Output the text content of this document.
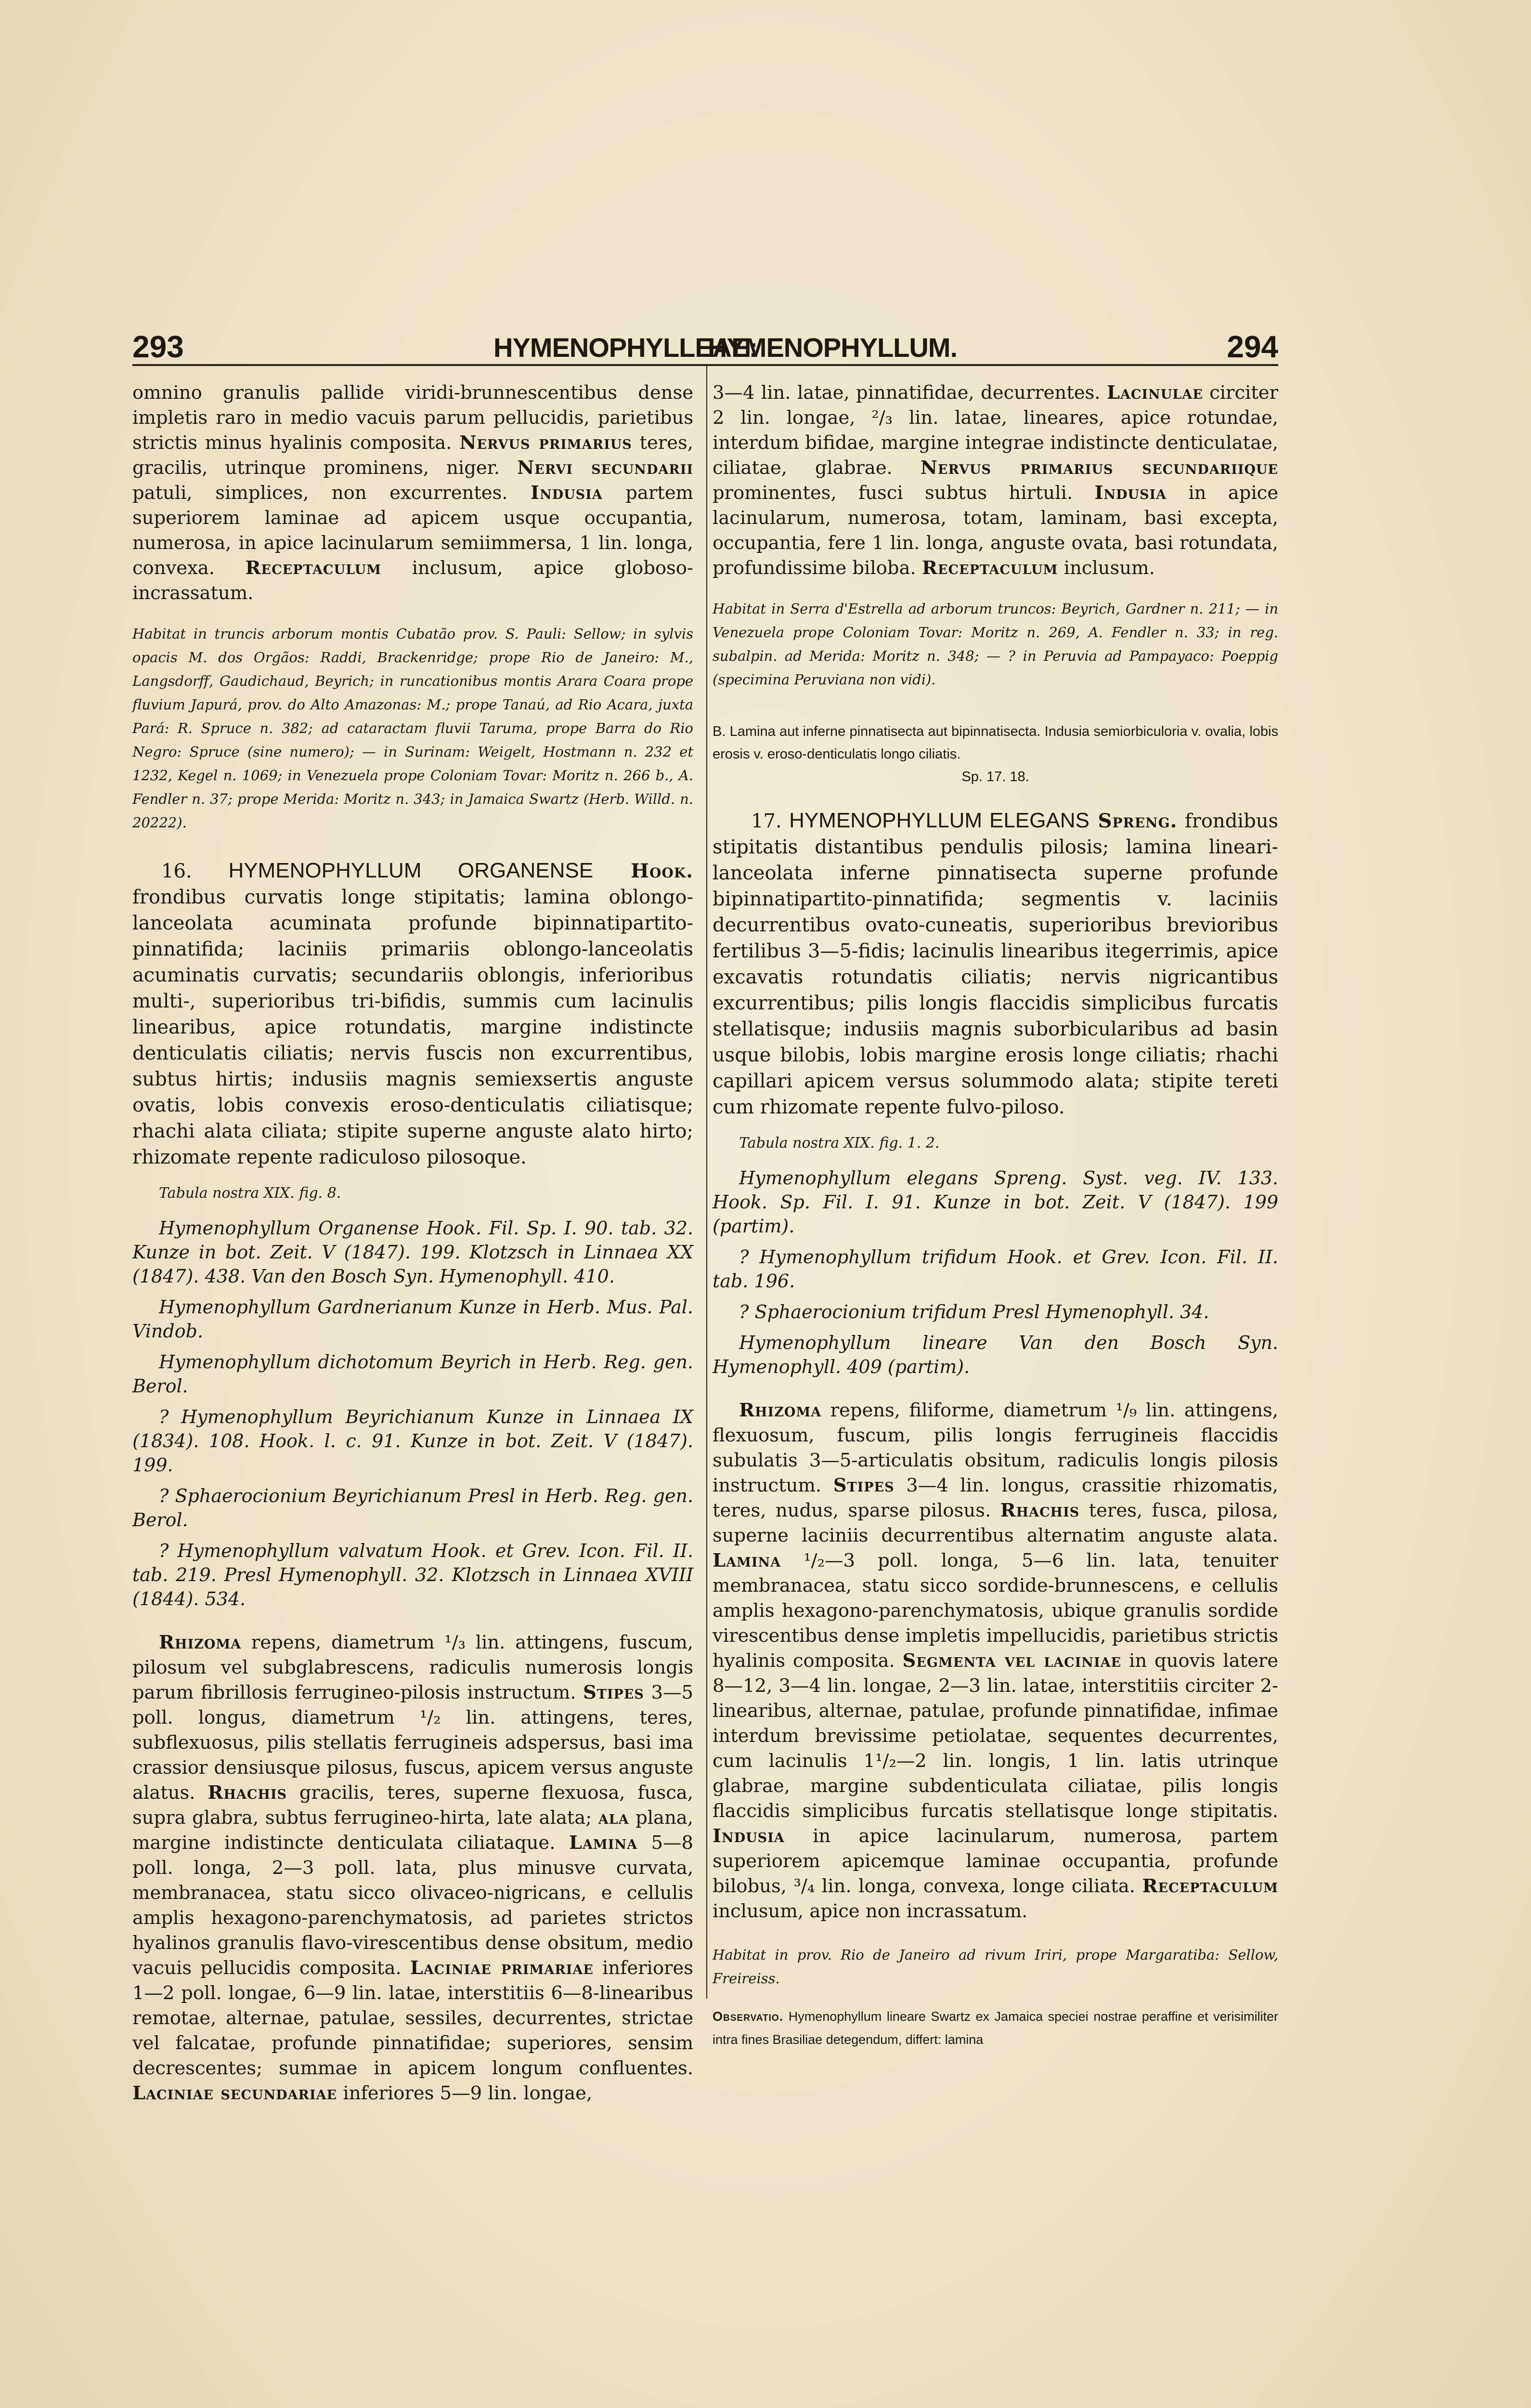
293	HYMENOPHYLLEAE:
HYMENOPHYLLUM.	294

omnino granulis pallide viridi-brunnescentibus dense impletis raro in medio vacuis parum pellucidis, parietibus strictis minus hyalinis composita. Nervus primarius teres, gracilis, utrinque prominens, niger. Nervi secundarii patuli, simplices, non excurrentes. Indusia partem superiorem laminae ad apicem usque occupantia, numerosa, in apice lacinularum semiimmersa, 1 lin. longa, convexa. Receptaculum inclusum, apice globoso-incrassatum.

Habitat in truncis arborum montis Cubatão prov. S. Pauli: Sellow; in sylvis opacis M. dos Orgãos: Raddi, Brackenridge; prope Rio de Janeiro: M., Langsdorff, Gaudichaud, Beyrich; in runcationibus montis Arara Coara prope fluvium Japurá, prov. do Alto Amazonas: M.; prope Tanaú, ad Rio Acara, juxta Pará: R. Spruce n. 382; ad cataractam fluvii Taruma, prope Barra do Rio Negro: Spruce (sine numero); — in Surinam: Weigelt, Hostmann n. 232 et 1232, Kegel n. 1069; in Venezuela prope Coloniam Tovar: Moritz n. 266 b., A. Fendler n. 37; prope Merida: Moritz n. 343; in Jamaica Swartz (Herb. Willd. n. 20222).

16. HYMENOPHYLLUM ORGANENSE Hook. frondibus curvatis longe stipitatis; lamina oblongo-lanceolata acuminata profunde bipinnatipartito-pinnatifida; laciniis primariis oblongo-lanceolatis acuminatis curvatis; secundariis oblongis, inferioribus multi-, superioribus tri-bifidis, summis cum lacinulis linearibus, apice rotundatis, margine indistincte denticulatis ciliatis; nervis fuscis non excurrentibus, subtus hirtis; indusiis magnis semiexsertis anguste ovatis, lobis convexis eroso-denticulatis ciliatisque; rhachi alata ciliata; stipite superne anguste alato hirto; rhizomate repente radiculoso pilosoque.

Tabula nostra XIX. fig. 8.

Hymenophyllum Organense Hook. Fil. Sp. I. 90. tab. 32. Kunze in bot. Zeit. V (1847). 199. Klotzsch in Linnaea XX (1847). 438. Van den Bosch Syn. Hymenophyll. 410.

Hymenophyllum Gardnerianum Kunze in Herb. Mus. Pal. Vindob.

Hymenophyllum dichotomum Beyrich in Herb. Reg. gen. Berol.

? Hymenophyllum Beyrichianum Kunze in Linnaea IX (1834). 108. Hook. l. c. 91. Kunze in bot. Zeit. V (1847). 199.

? Sphaerocionium Beyrichianum Presl in Herb. Reg. gen. Berol.

? Hymenophyllum valvatum Hook. et Grev. Icon. Fil. II. tab. 219. Presl Hymenophyll. 32. Klotzsch in Linnaea XVIII (1844). 534.

Rhizoma repens, diametrum ¹/₃ lin. attingens, fuscum, pilosum vel subglabrescens, radiculis numerosis longis parum fibrillosis ferrugineo-pilosis instructum. Stipes 3—5 poll. longus, diametrum ¹/₂ lin. attingens, teres, subflexuosus, pilis stellatis ferrugineis adspersus, basi ima crassior densiusque pilosus, fuscus, apicem versus anguste alatus. Rhachis gracilis, teres, superne flexuosa, fusca, supra glabra, subtus ferrugineo-hirta, late alata; ala plana, margine indistincte denticulata ciliataque. Lamina 5—8 poll. longa, 2—3 poll. lata, plus minusve curvata, membranacea, statu sicco olivaceo-nigricans, e cellulis amplis hexagono-parenchymatosis, ad parietes strictos hyalinos granulis flavo-virescentibus dense obsitum, medio vacuis pellucidis composita. Laciniae primariae inferiores 1—2 poll. longae, 6—9 lin. latae, interstitiis 6—8-linearibus remotae, alternae, patulae, sessiles, decurrentes, strictae vel falcatae, profunde pinnatifidae; superiores, sensim decrescentes; summae in apicem longum confluentes. Laciniae secundariae inferiores 5—9 lin. longae,

3—4 lin. latae, pinnatifidae, decurrentes. Lacinulae circiter 2 lin. longae, ²/₃ lin. latae, lineares, apice rotundae, interdum bifidae, margine integrae indistincte denticulatae, ciliatae, glabrae. Nervus primarius secundariique prominentes, fusci subtus hirtuli. Indusia in apice lacinularum, numerosa, totam, laminam, basi excepta, occupantia, fere 1 lin. longa, anguste ovata, basi rotundata, profundissime biloba. Receptaculum inclusum.

Habitat in Serra d'Estrella ad arborum truncos: Beyrich, Gardner n. 211; — in Venezuela prope Coloniam Tovar: Moritz n. 269, A. Fendler n. 33; in reg. subalpin. ad Merida: Moritz n. 348; — ? in Peruvia ad Pampayaco: Poeppig (specimina Peruviana non vidi).

B. Lamina aut inferne pinnatisecta aut bipinnatisecta. Indusia semiorbiculoria v. ovalia, lobis erosis v. eroso-denticulatis longo ciliatis.

Sp. 17. 18.

17. HYMENOPHYLLUM ELEGANS Spreng. frondibus stipitatis distantibus pendulis pilosis; lamina lineari-lanceolata inferne pinnatisecta superne profunde bipinnatipartito-pinnatifida; segmentis v. laciniis decurrentibus ovato-cuneatis, superioribus brevioribus fertilibus 3—5-fidis; lacinulis linearibus itegerrimis, apice excavatis rotundatis ciliatis; nervis nigricantibus excurrentibus; pilis longis flaccidis simplicibus furcatis stellatisque; indusiis magnis suborbicularibus ad basin usque bilobis, lobis margine erosis longe ciliatis; rhachi capillari apicem versus solummodo alata; stipite tereti cum rhizomate repente fulvo-piloso.

Tabula nostra XIX. fig. 1. 2.

Hymenophyllum elegans Spreng. Syst. veg. IV. 133. Hook. Sp. Fil. I. 91. Kunze in bot. Zeit. V (1847). 199 (partim).

? Hymenophyllum trifidum Hook. et Grev. Icon. Fil. II. tab. 196.

? Sphaerocionium trifidum Presl Hymenophyll. 34.

Hymenophyllum lineare Van den Bosch Syn. Hymenophyll. 409 (partim).

Rhizoma repens, filiforme, diametrum ¹/₉ lin. attingens, flexuosum, fuscum, pilis longis ferrugineis flaccidis subulatis 3—5-articulatis obsitum, radiculis longis pilosis instructum. Stipes 3—4 lin. longus, crassitie rhizomatis, teres, nudus, sparse pilosus. Rhachis teres, fusca, pilosa, superne laciniis decurrentibus alternatim anguste alata. Lamina ¹/₂—3 poll. longa, 5—6 lin. lata, tenuiter membranacea, statu sicco sordide-brunnescens, e cellulis amplis hexagono-parenchymatosis, ubique granulis sordide virescentibus dense impletis impellucidis, parietibus strictis hyalinis composita. Segmenta vel laciniae in quovis latere 8—12, 3—4 lin. longae, 2—3 lin. latae, interstitiis circiter 2-linearibus, alternae, patulae, profunde pinnatifidae, infimae interdum brevissime petiolatae, sequentes decurrentes, cum lacinulis 1¹/₂—2 lin. longis, 1 lin. latis utrinque glabrae, margine subdenticulata ciliatae, pilis longis flaccidis simplicibus furcatis stellatisque longe stipitatis. Indusia in apice lacinularum, numerosa, partem superiorem apicemque laminae occupantia, profunde bilobus, ³/₄ lin. longa, convexa, longe ciliata. Receptaculum inclusum, apice non incrassatum.

Habitat in prov. Rio de Janeiro ad rivum Iriri, prope Margaratiba: Sellow, Freireiss.

Observatio. Hymenophyllum lineare Swartz ex Jamaica speciei nostrae peraffine et verisimiliter intra fines Brasiliae detegendum, differt: lamina
